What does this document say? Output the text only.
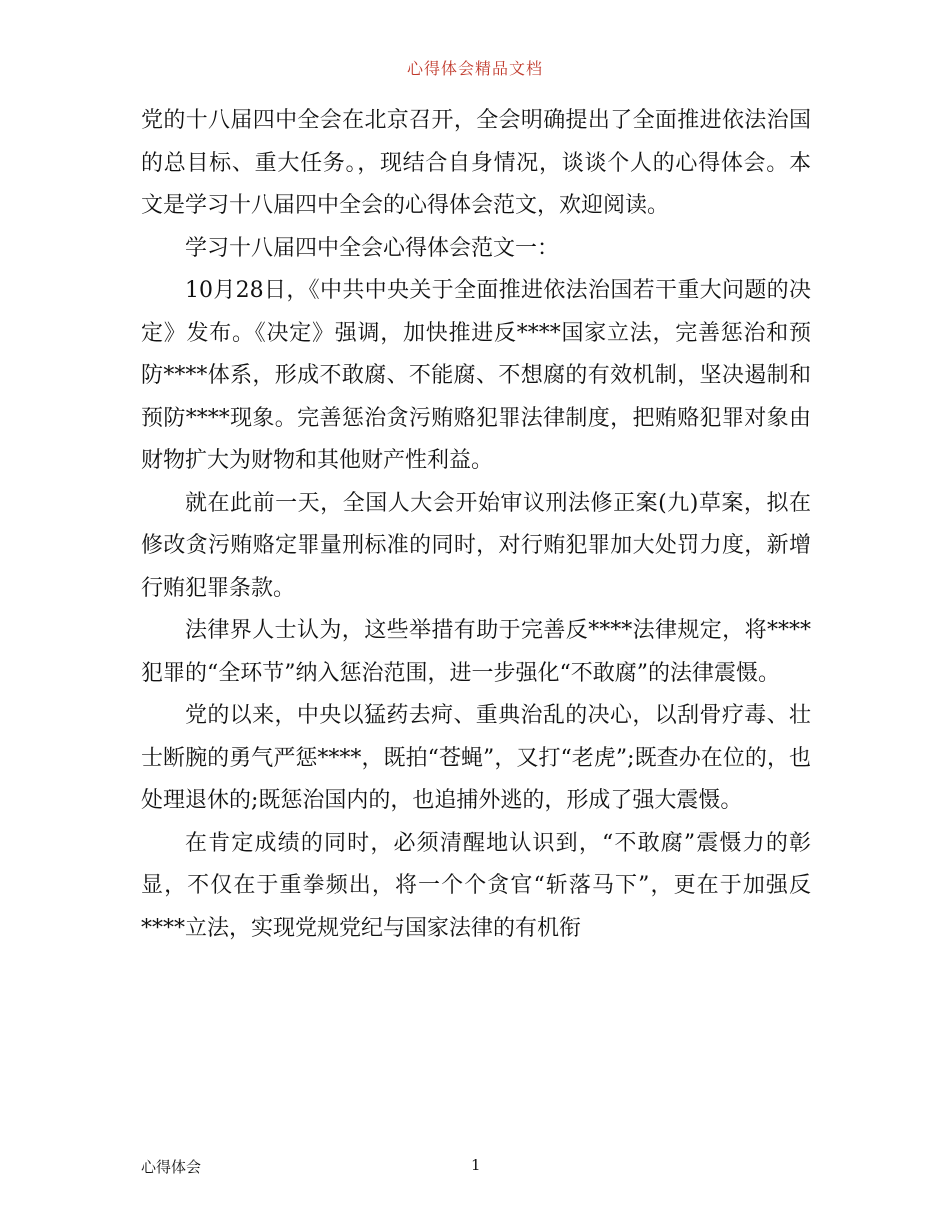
心得体会精品文档

党的十八届四中全会在北京召开，全会明确提出了全面推进依法治国的总目标、重大任务。，现结合自身情况，谈谈个人的心得体会。本文是学习十八届四中全会的心得体会范文，欢迎阅读。

学习十八届四中全会心得体会范文一：

10月28日，《中共中央关于全面推进依法治国若干重大问题的决定》发布。《决定》强调，加快推进反****国家立法，完善惩治和预防****体系，形成不敢腐、不能腐、不想腐的有效机制，坚决遏制和预防****现象。完善惩治贪污贿赂犯罪法律制度，把贿赂犯罪对象由财物扩大为财物和其他财产性利益。

就在此前一天，全国人大会开始审议刑法修正案(九)草案，拟在修改贪污贿赂定罪量刑标准的同时，对行贿犯罪加大处罚力度，新增行贿犯罪条款。

法律界人士认为，这些举措有助于完善反****法律规定，将****犯罪的“全环节”纳入惩治范围，进一步强化“不敢腐”的法律震慑。

党的以来，中央以猛药去疴、重典治乱的决心，以刮骨疗毒、壮士断腕的勇气严惩****，既拍“苍蝇”，又打“老虎”;既查办在位的，也处理退休的;既惩治国内的，也追捕外逃的，形成了强大震慑。

在肯定成绩的同时，必须清醒地认识到，“不敢腐”震慑力的彰显，不仅在于重拳频出，将一个个贪官“斩落马下”，更在于加强反****立法，实现党规党纪与国家法律的有机衔

心得体会	1
